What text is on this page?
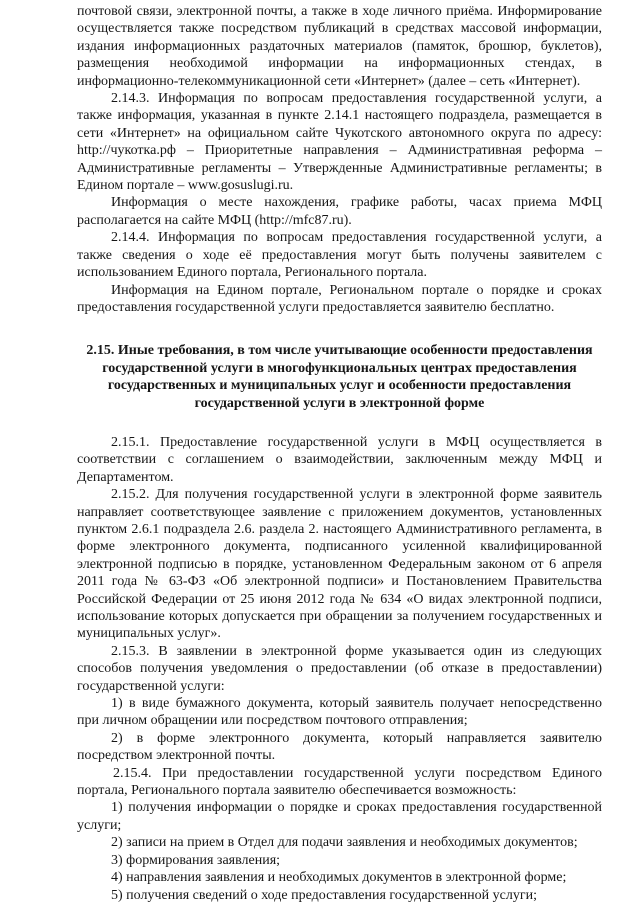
почтовой связи, электронной почты, а также в ходе личного приёма. Информирование осуществляется также посредством публикаций в средствах массовой информации, издания информационных раздаточных материалов (памяток, брошюр, буклетов), размещения необходимой информации на информационных стендах, в информационно-телекоммуникационной сети «Интернет» (далее – сеть «Интернет).

2.14.3. Информация по вопросам предоставления государственной услуги, а также информация, указанная в пункте 2.14.1 настоящего подраздела, размещается в сети «Интернет» на официальном сайте Чукотского автономного округа по адресу: http://чукотка.рф – Приоритетные направления – Административная реформа – Административные регламенты – Утвержденные Административные регламенты; в Едином портале – www.gosuslugi.ru.

Информация о месте нахождения, графике работы, часах приема МФЦ располагается на сайте МФЦ (http://mfc87.ru).

2.14.4. Информация по вопросам предоставления государственной услуги, а также сведения о ходе её предоставления могут быть получены заявителем с использованием Единого портала, Регионального портала.

Информация на Едином портале, Региональном портале о порядке и сроках предоставления государственной услуги предоставляется заявителю бесплатно.

2.15. Иные требования, в том числе учитывающие особенности предоставления государственной услуги в многофункциональных центрах предоставления государственных и муниципальных услуг и особенности предоставления государственной услуги в электронной форме

2.15.1. Предоставление государственной услуги в МФЦ осуществляется в соответствии с соглашением о взаимодействии, заключенным между МФЦ и Департаментом.

2.15.2. Для получения государственной услуги в электронной форме заявитель направляет соответствующее заявление с приложением документов, установленных пунктом 2.6.1 подраздела 2.6. раздела 2. настоящего Административного регламента, в форме электронного документа, подписанного усиленной квалифицированной электронной подписью в порядке, установленном Федеральным законом от 6 апреля 2011 года № 63-ФЗ «Об электронной подписи» и Постановлением Правительства Российской Федерации от 25 июня 2012 года № 634 «О видах электронной подписи, использование которых допускается при обращении за получением государственных и муниципальных услуг».

2.15.3. В заявлении в электронной форме указывается один из следующих способов получения уведомления о предоставлении (об отказе в предоставлении) государственной услуги:

1) в виде бумажного документа, который заявитель получает непосредственно при личном обращении или посредством почтового отправления;

2) в форме электронного документа, который направляется заявителю посредством электронной почты.

2.15.4. При предоставлении государственной услуги посредством Единого портала, Регионального портала заявителю обеспечивается возможность:

1) получения информации о порядке и сроках предоставления государственной услуги;

2) записи на прием в Отдел для подачи заявления и необходимых документов;

3) формирования заявления;

4) направления заявления и необходимых документов в электронной форме;

5) получения сведений о ходе предоставления государственной услуги;
